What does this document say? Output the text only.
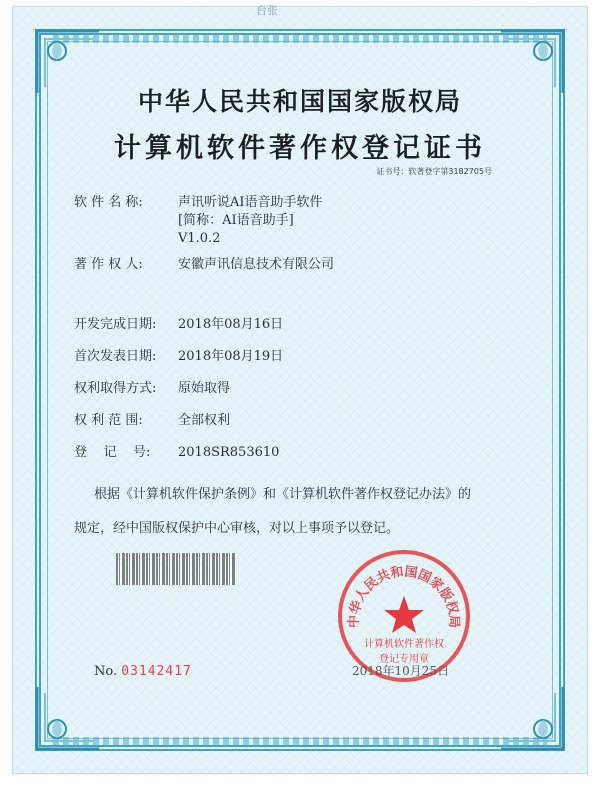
台张
中华人民共和国国家版权局
计算机软件著作权登记证书
证书号：软著登字第3182705号
软 件 名 称:	声讯听说AI语音助手软件
[简称：AI语音助手]
V1.0.2
著 作 权 人:	安徽声讯信息技术有限公司
开发完成日期: 2018年08月16日
首次发表日期: 2018年08月19日
权利取得方式: 原始取得
权 利 范 围:	全部权利
登    记    号: 2018SR853610
根据《计算机软件保护条例》和《计算机软件著作权登记办法》的
规定，经中国版权保护中心审核，对以上事项予以登记。
No. 03142417
中华人民共和国国家版权局
计算机软件著作权
登记专用章
2018年10月25日
